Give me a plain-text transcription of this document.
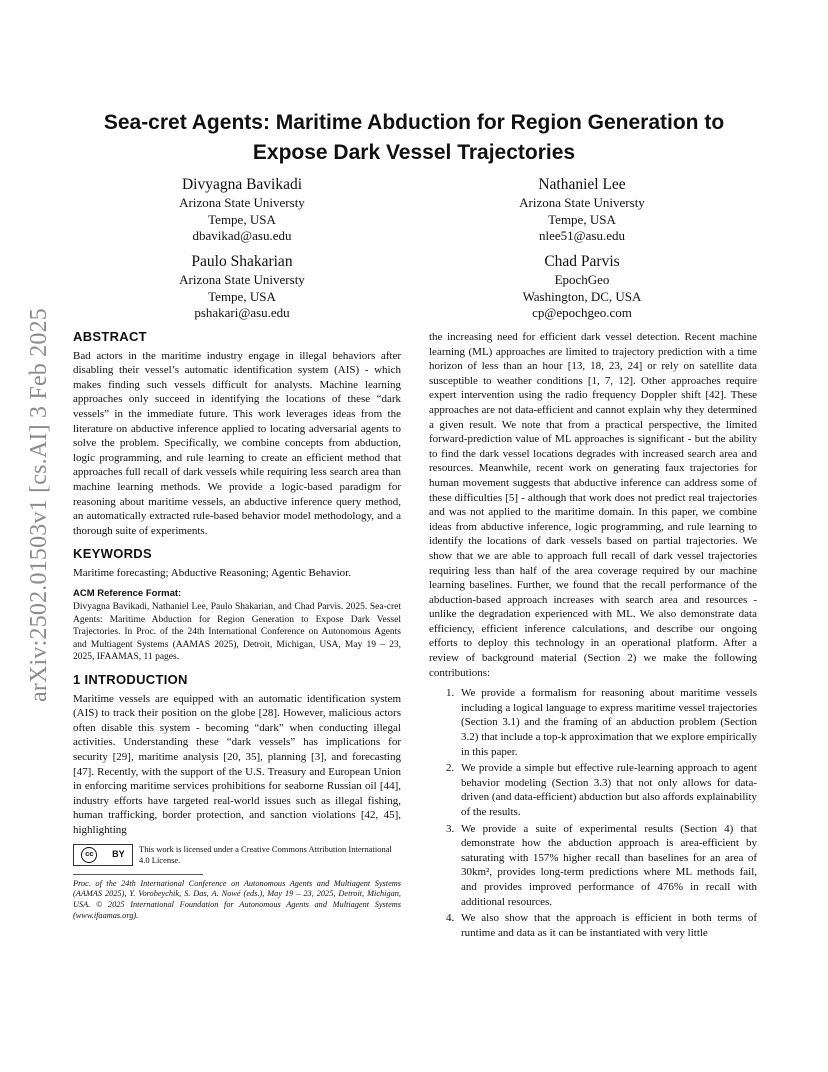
arXiv:2502.01503v1 [cs.AI] 3 Feb 2025
Sea-cret Agents: Maritime Abduction for Region Generation to
Expose Dark Vessel Trajectories
Divyagna Bavikadi
Arizona State Universty
Tempe, USA
dbavikad@asu.edu
Nathaniel Lee
Arizona State Universty
Tempe, USA
nlee51@asu.edu
Paulo Shakarian
Arizona State Universty
Tempe, USA
pshakari@asu.edu
Chad Parvis
EpochGeo
Washington, DC, USA
cp@epochgeo.com
ABSTRACT

Bad actors in the maritime industry engage in illegal behaviors after disabling their vessel’s automatic identification system (AIS) - which makes finding such vessels difficult for analysts. Machine learning approaches only succeed in identifying the locations of these “dark vessels” in the immediate future. This work leverages ideas from the literature on abductive inference applied to locating adversarial agents to solve the problem. Specifically, we combine concepts from abduction, logic programming, and rule learning to create an efficient method that approaches full recall of dark vessels while requiring less search area than machine learning methods. We provide a logic-based paradigm for reasoning about maritime vessels, an abductive inference query method, an automatically extracted rule-based behavior model methodology, and a thorough suite of experiments.

KEYWORDS

Maritime forecasting; Abductive Reasoning; Agentic Behavior.

ACM Reference Format:

Divyagna Bavikadi, Nathaniel Lee, Paulo Shakarian, and Chad Parvis. 2025. Sea-cret Agents: Maritime Abduction for Region Generation to Expose Dark Vessel Trajectories. In Proc. of the 24th International Conference on Autonomous Agents and Multiagent Systems (AAMAS 2025), Detroit, Michigan, USA, May 19 – 23, 2025, IFAAMAS, 11 pages.

1 INTRODUCTION

Maritime vessels are equipped with an automatic identification system (AIS) to track their position on the globe [28]. However, malicious actors often disable this system - becoming “dark” when conducting illegal activities. Understanding these “dark vessels” has implications for security [29], maritime analysis [20, 35], planning [3], and forecasting [47]. Recently, with the support of the U.S. Treasury and European Union in enforcing maritime services prohibitions for seaborne Russian oil [44], industry efforts have targeted real-world issues such as illegal fishing, human trafficking, border protection, and sanction violations [42, 45], highlighting

cc	BY
This work is licensed under a Creative Commons Attribution International 4.0 License.
Proc. of the 24th International Conference on Autonomous Agents and Multiagent Systems (AAMAS 2025), Y. Vorobeychik, S. Das, A. Nowé (eds.), May 19 – 23, 2025, Detroit, Michigan, USA. © 2025 International Foundation for Autonomous Agents and Multiagent Systems (www.ifaamas.org).

the increasing need for efficient dark vessel detection. Recent machine learning (ML) approaches are limited to trajectory prediction with a time horizon of less than an hour [13, 18, 23, 24] or rely on satellite data susceptible to weather conditions [1, 7, 12]. Other approaches require expert intervention using the radio frequency Doppler shift [42]. These approaches are not data-efficient and cannot explain why they determined a given result. We note that from a practical perspective, the limited forward-prediction value of ML approaches is significant - but the ability to find the dark vessel locations degrades with increased search area and resources. Meanwhile, recent work on generating faux trajectories for human movement suggests that abductive inference can address some of these difficulties [5] - although that work does not predict real trajectories and was not applied to the maritime domain. In this paper, we combine ideas from abductive inference, logic programming, and rule learning to identify the locations of dark vessels based on partial trajectories. We show that we are able to approach full recall of dark vessel trajectories requiring less than half of the area coverage required by our machine learning baselines. Further, we found that the recall performance of the abduction-based approach increases with search area and resources - unlike the degradation experienced with ML. We also demonstrate data efficiency, efficient inference calculations, and describe our ongoing efforts to deploy this technology in an operational platform. After a review of background material (Section 2) we make the following contributions:

1. We provide a formalism for reasoning about maritime vessels including a logical language to express maritime vessel trajectories (Section 3.1) and the framing of an abduction problem (Section 3.2) that include a top-k approximation that we explore empirically in this paper.
2. We provide a simple but effective rule-learning approach to agent behavior modeling (Section 3.3) that not only allows for data-driven (and data-efficient) abduction but also affords explainability of the results.
3. We provide a suite of experimental results (Section 4) that demonstrate how the abduction approach is area-efficient by saturating with 157% higher recall than baselines for an area of 30km², provides long-term predictions where ML methods fail, and provides improved performance of 476% in recall with additional resources.
4. We also show that the approach is efficient in both terms of runtime and data as it can be instantiated with very little
